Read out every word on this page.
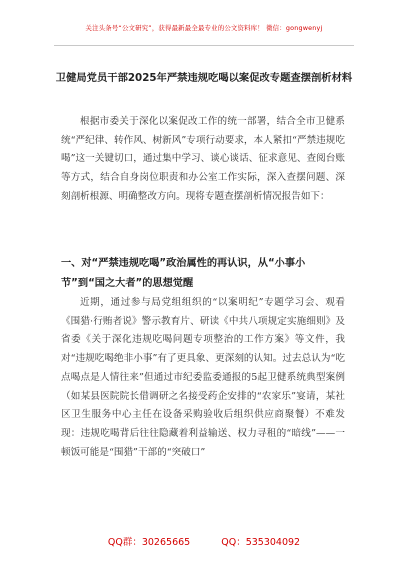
关注头条号“公文研究”，获得最新最全最专业的公文资料库！ 微信：gongwenyj
卫健局党员干部2025年严禁违规吃喝以案促改专题查摆剖析材料

根据市委关于深化以案促改工作的统一部署，结合全市卫健系统“严纪律、转作风、树新风”专项行动要求，本人紧扣“严禁违规吃喝”这一关键切口，通过集中学习、谈心谈话、征求意见、查阅台账等方式，结合自身岗位职责和办公室工作实际，深入查摆问题、深刻剖析根源、明确整改方向。现将专题查摆剖析情况报告如下：

一、对“严禁违规吃喝”政治属性的再认识，从“小事小节”到“国之大者”的思想觉醒

近期，通过参与局党组组织的“以案明纪”专题学习会、观看《围猎·行贿者说》警示教育片、研读《中共八项规定实施细则》及省委《关于深化违规吃喝问题专项整治的工作方案》等文件，我对“违规吃喝绝非小事”有了更具象、更深刻的认知。过去总认为“吃点喝点是人情往来”但通过市纪委监委通报的5起卫健系统典型案例（如某县医院院长借调研之名接受药企安排的“农家乐”宴请，某社区卫生服务中心主任在设备采购验收后组织供应商聚餐）不难发现：违规吃喝背后往往隐藏着利益输送、权力寻租的“暗线”——一顿饭可能是“围猎”干部的“突破口”

QQ群：30265665	QQ：535304092
